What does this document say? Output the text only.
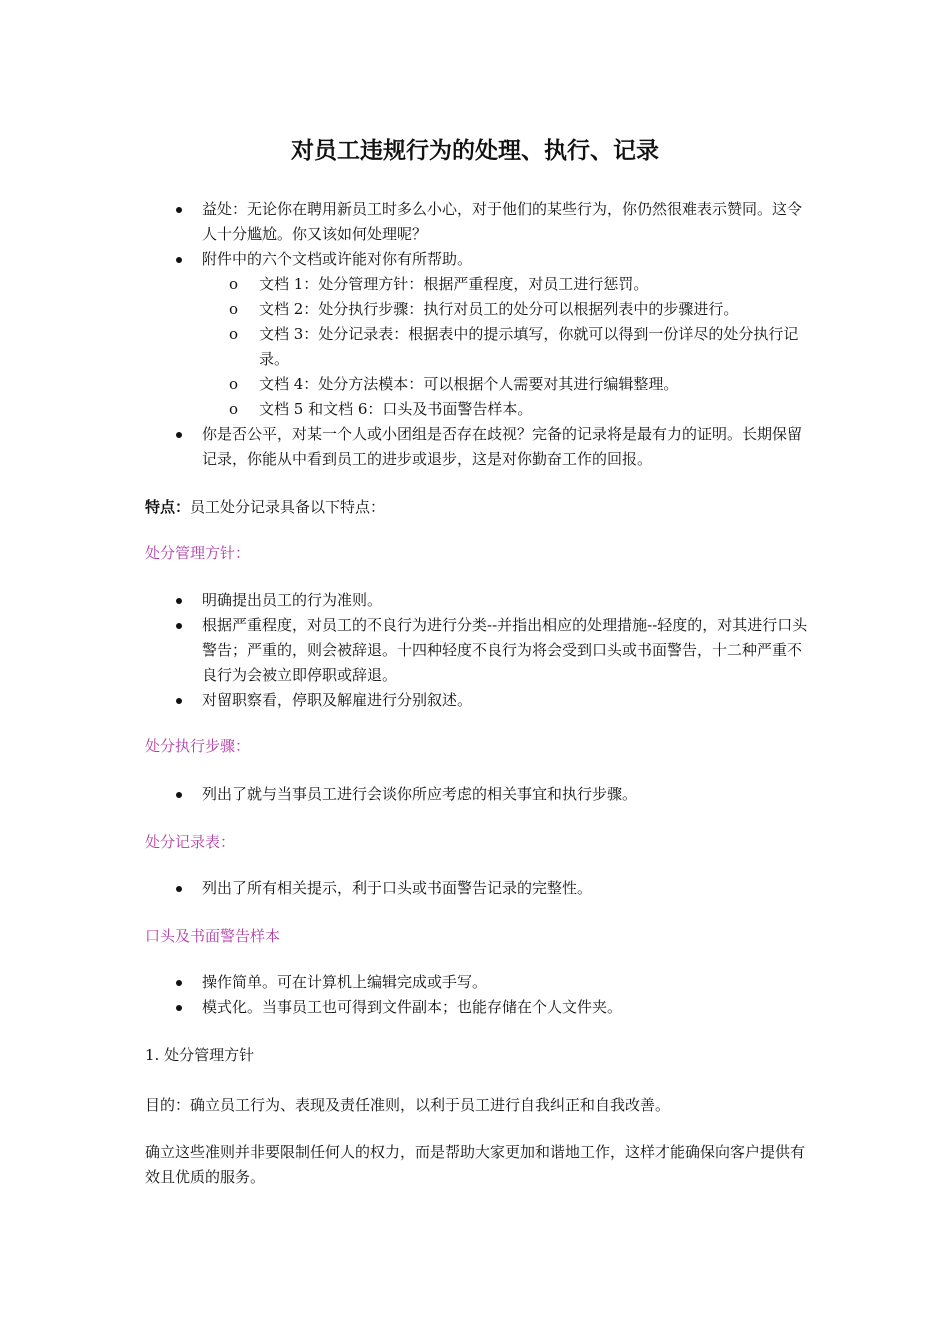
对员工违规行为的处理、执行、记录
益处：无论你在聘用新员工时多么小心，对于他们的某些行为，你仍然很难表示赞同。这令人十分尴尬。你又该如何处理呢？
附件中的六个文档或许能对你有所帮助。
o 文档 1：处分管理方针：根据严重程度，对员工进行惩罚。
o 文档 2：处分执行步骤：执行对员工的处分可以根据列表中的步骤进行。
o 文档 3：处分记录表：根据表中的提示填写，你就可以得到一份详尽的处分执行记录。
o 文档 4：处分方法模本：可以根据个人需要对其进行编辑整理。
o 文档 5 和文档 6：口头及书面警告样本。
你是否公平，对某一个人或小团组是否存在歧视？完备的记录将是最有力的证明。长期保留记录，你能从中看到员工的进步或退步，这是对你勤奋工作的回报。

特点：员工处分记录具备以下特点：

处分管理方针：

明确提出员工的行为准则。
根据严重程度，对员工的不良行为进行分类--并指出相应的处理措施--轻度的，对其进行口头警告；严重的，则会被辞退。十四种轻度不良行为将会受到口头或书面警告，十二种严重不良行为会被立即停职或辞退。
对留职察看，停职及解雇进行分别叙述。

处分执行步骤：

列出了就与当事员工进行会谈你所应考虑的相关事宜和执行步骤。

处分记录表：

列出了所有相关提示，利于口头或书面警告记录的完整性。

口头及书面警告样本

操作简单。可在计算机上编辑完成或手写。
模式化。当事员工也可得到文件副本；也能存储在个人文件夹。

1. 处分管理方针

目的：确立员工行为、表现及责任准则，以利于员工进行自我纠正和自我改善。

确立这些准则并非要限制任何人的权力，而是帮助大家更加和谐地工作，这样才能确保向客户提供有效且优质的服务。
